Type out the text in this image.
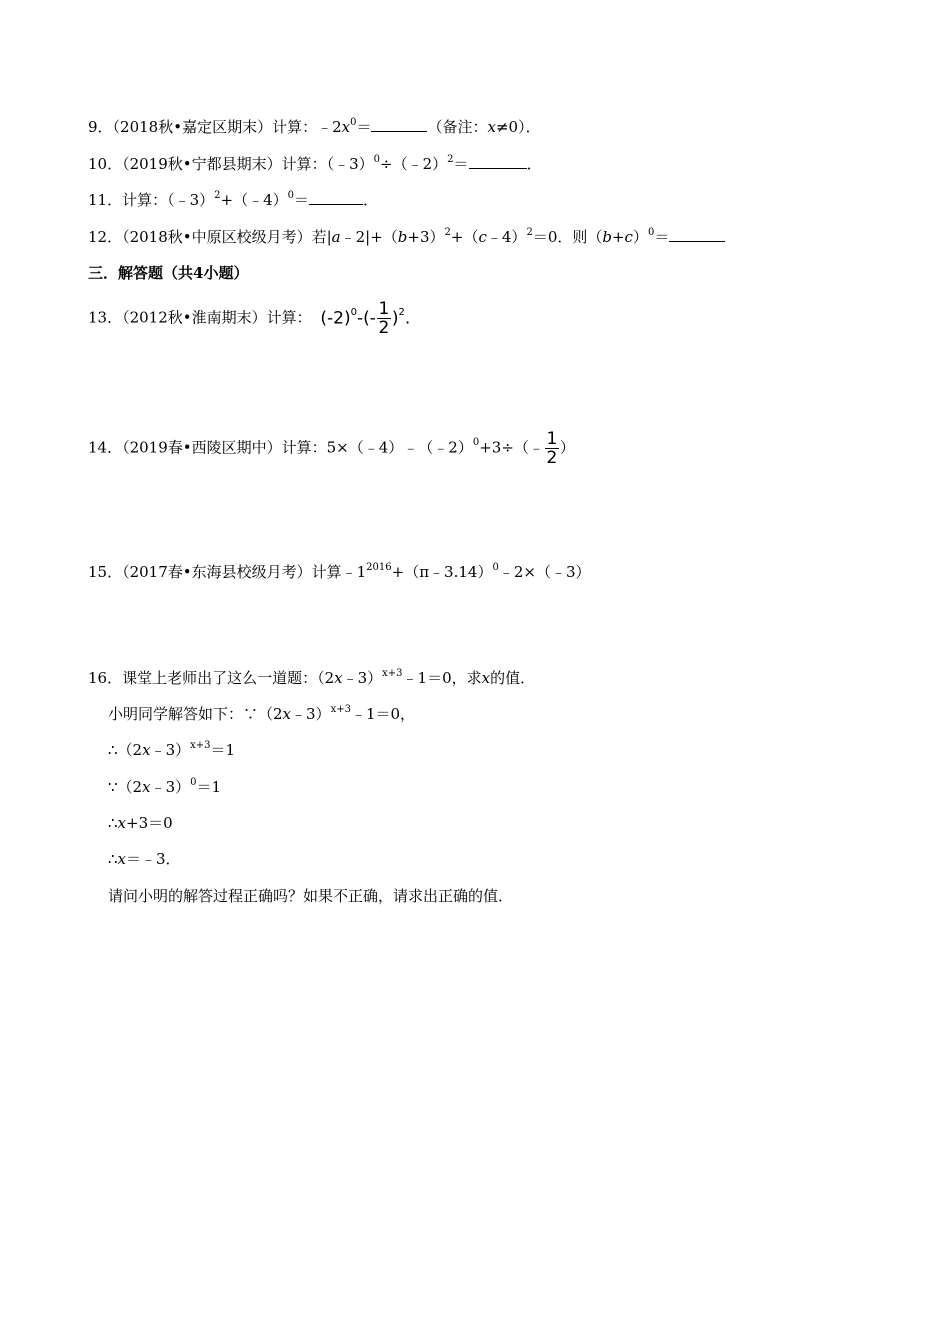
9．（2018秋•嘉定区期末）计算：$﹣2x^0=$	（备注：x≠0）．
10．（2019秋•宁都县期末）计算：（﹣3）$^0$÷（﹣2）$^2$＝	．
11．计算：（﹣3）$^2$+（﹣4）$^0$＝	．
12．（2018秋•中原区校级月考）若$|a﹣2|+(b+3)^2+(c﹣4)^2=0$．则$(b+c)^0=$
三．解答题（共4小题）
13．（2012秋•淮南期末）计算： $(-2)^0-(- \frac{1}{2} )^2$.
14．（2019春•西陵区期中）计算：5×（﹣4）﹣（﹣2）$^0$+3÷（﹣ $\frac{1}{2}$ ）
15．（2017春•东海县校级月考）计算$﹣1^{2016}+(\pi﹣3.14)^0﹣2\times(﹣3)$
16．课堂上老师出了这么一道题：（2x﹣3）$^{x+3}$﹣1＝0，求x的值．
小明同学解答如下：∵（2x﹣3）$^{x+3}$﹣1＝0，
∴（2x﹣3）$^{x+3}$＝1
∵（2x﹣3）$^0$＝1
∴x+3＝0
∴x＝﹣3．
请问小明的解答过程正确吗？如果不正确，请求出正确的值．
